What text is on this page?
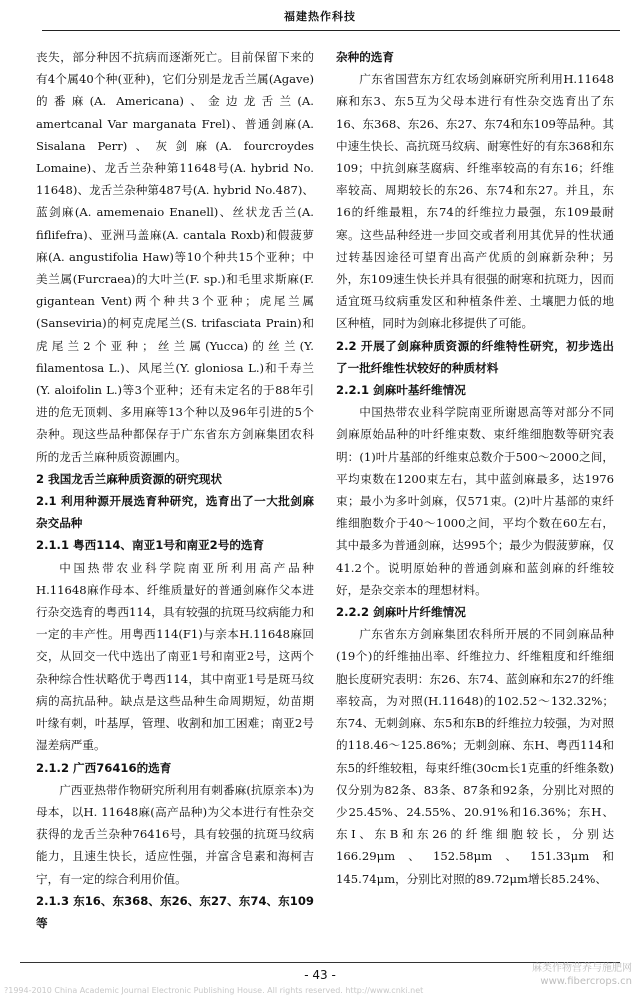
福建热作科技

丧失，部分种因不抗病而逐渐死亡。目前保留下来的有4个属40个种(亚种)，它们分别是龙舌兰属(Agave)的番麻(A. Americana)、金边龙舌兰(A. amertcanal Var marganata Frel)、普通剑麻(A. Sisalana Perr)、灰剑麻(A. fourcroydes Lomaine)、龙舌兰杂种第11648号(A. hybrid No. 11648)、龙舌兰杂种第487号(A. hybrid No.487)、蓝剑麻(A. amemenaio Enanell)、丝状龙舌兰(A. fiflifefra)、亚洲马盖麻(A. cantala Roxb)和假菠萝麻(A. angustifolia Haw)等10个种共15个亚种；中美兰属(Furcraea)的大叶兰(F. sp.)和毛里求斯麻(F. gigantean Vent)两个种共3个亚种；虎尾兰属(Sanseviria)的柯克虎尾兰(S. trifasciata Prain)和虎尾兰2个亚种；丝兰属(Yucca)的丝兰(Y. filamentosa L.)、风尾兰(Y. gloniosa L.)和千寿兰(Y. aloifolin L.)等3个亚种；还有未定名的于88年引进的危无顶剌、多用麻等13个种以及96年引进的5个杂种。现这些品种都保存于广东省东方剑麻集团农科所的龙舌兰麻种质资源圃内。

2 我国龙舌兰麻种质资源的研究现状

2.1 利用种源开展选育种研究，选育出了一大批剑麻杂交品种

2.1.1 粤西114、南亚1号和南亚2号的选育

中国热带农业科学院南亚所利用高产品种H.11648麻作母本、纤维质量好的普通剑麻作父本进行杂交选育的粤西114，具有较强的抗斑马纹病能力和一定的丰产性。用粤西114(F1)与亲本H.11648麻回交，从回交一代中选出了南亚1号和南亚2号，这两个杂种综合性状略优于粤西114，其中南亚1号是斑马纹病的高抗品种。缺点是这些品种生命周期短，幼苗期叶缘有刺，叶基厚，管理、收割和加工困难；南亚2号湿差病严重。

2.1.2 广西76416的选育

广西亚热带作物研究所利用有刺番麻(抗原亲本)为母本，以H. 11648麻(高产品种)为父本进行有性杂交获得的龙舌兰杂种76416号，具有较强的抗斑马纹病能力，且速生快长，适应性强，并富含皂素和海柯吉宁，有一定的综合利用价值。

2.1.3 东16、东368、东26、东27、东74、东109等

杂种的选育

广东省国营东方红农场剑麻研究所利用H.11648麻和东3、东5互为父母本进行有性杂交选育出了东16、东368、东26、东27、东74和东109等品种。其中速生快长、高抗斑马纹病、耐寒性好的有东368和东109；中抗剑麻茎腐病、纤维率较高的有东16；纤维率较高、周期较长的东26、东74和东27。并且，东16的纤维最粗，东74的纤维拉力最强，东109最耐寒。这些品种经进一步回交或者利用其优异的性状通过转基因途径可望育出高产优质的剑麻新杂种；另外，东109速生快长并具有很强的耐寒和抗斑力，因而适宜斑马纹病重发区和种植条件差、土壤肥力低的地区种植，同时为剑麻北移提供了可能。

2.2 开展了剑麻种质资源的纤维特性研究，初步选出了一批纤维性状较好的种质材料

2.2.1 剑麻叶基纤维情况

中国热带农业科学院南亚所谢恩高等对部分不同剑麻原始品种的叶纤维束数、束纤维细胞数等研究表明：(1)叶片基部的纤维束总数介于500～2000之间，平均束数在1200束左右，其中蓝剑麻最多，达1976束；最小为多叶剑麻，仅571束。(2)叶片基部的束纤维细胞数介于40～1000之间，平均个数在60左右，其中最多为普通剑麻，达995个；最少为假菠萝麻，仅41.2个。说明原始种的普通剑麻和蓝剑麻的纤维较好，是杂交亲本的理想材料。

2.2.2 剑麻叶片纤维情况

广东省东方剑麻集团农科所开展的不同剑麻品种(19个)的纤维抽出率、纤维拉力、纤维粗度和纤维细胞长度研究表明：东26、东74、蓝剑麻和东27的纤维率较高，为对照(H.11648)的102.52～132.32%；东74、无刺剑麻、东5和东B的纤维拉力较强，为对照的118.46～125.86%；无刺剑麻、东H、粤西114和东5的纤维较粗，每束纤维(30cm长1克重的纤维条数)仅分别为82条、83条、87条和92条，分别比对照的少25.45%、24.55%、20.91%和16.36%；东H、东I、东B和东26的纤维细胞较长，分别达166.29μm、152.58μm、151.33μm和145.74μm，分别比对照的89.72μm增长85.24%、

- 43 -	麻类作物营养与施肥网
www.fibercrops.cn
?1994-2010 China Academic Journal Electronic Publishing House. All rights reserved. http://www.cnki.net
